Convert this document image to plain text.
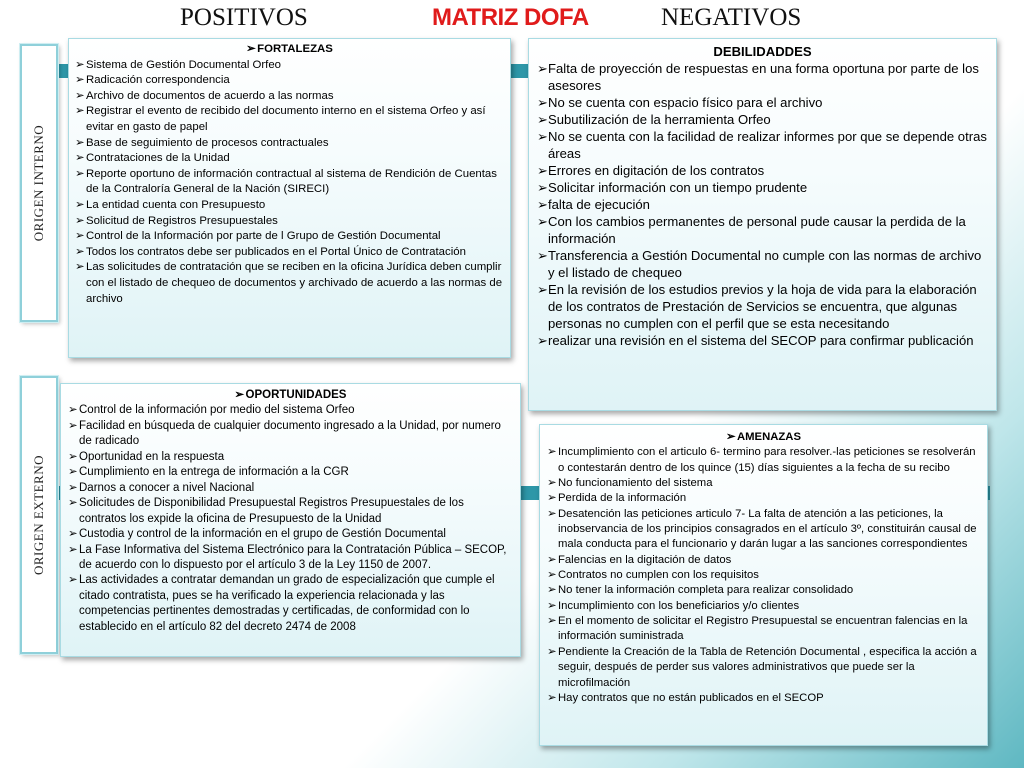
POSITIVOS	MATRIZ DOFA	NEGATIVOS
ORIGEN INTERNO
ORIGEN EXTERNO
➢ FORTALEZAS
➢ Sistema de Gestión Documental Orfeo
➢ Radicación correspondencia
➢ Archivo de documentos de acuerdo a las normas
➢ Registrar el evento de recibido del documento interno en el sistema Orfeo y así evitar en gasto de papel
➢ Base de seguimiento de procesos contractuales
➢ Contrataciones de la Unidad
➢ Reporte oportuno de información contractual al sistema de Rendición de Cuentas de la Contraloría General de la Nación (SIRECI)
➢ La entidad cuenta con Presupuesto
➢ Solicitud de Registros Presupuestales
➢ Control de la Información por parte de l Grupo de Gestión Documental
➢ Todos los contratos debe ser publicados en el Portal Único de Contratación
➢ Las solicitudes de contratación que se reciben en la oficina Jurídica deben cumplir con el listado de chequeo de documentos y archivado de acuerdo a las normas de archivo
DEBILIDADDES
➢ Falta de proyección de respuestas en una forma oportuna por parte de los asesores
➢ No se cuenta con espacio físico para el archivo
➢ Subutilización de la herramienta Orfeo
➢ No se cuenta con la facilidad de realizar informes por que se depende otras áreas
➢ Errores en digitación de los contratos
➢ Solicitar información con un tiempo prudente
➢ falta de ejecución
➢ Con los cambios permanentes de personal pude causar la perdida de la información
➢ Transferencia a Gestión Documental no cumple con las normas de archivo y el listado de chequeo
➢ En la revisión de los estudios previos y la hoja de vida para la elaboración de los contratos de Prestación de Servicios se encuentra, que algunas personas no cumplen con el perfil que se esta necesitando
➢ realizar una revisión en el sistema del SECOP para confirmar publicación
➢ OPORTUNIDADES
➢ Control de la información por medio del sistema Orfeo
➢ Facilidad en búsqueda de cualquier documento ingresado a la Unidad, por numero de radicado
➢ Oportunidad en la respuesta
➢ Cumplimiento en la entrega de información a la CGR
➢ Darnos a conocer a nivel Nacional
➢ Solicitudes de Disponibilidad Presupuestal Registros Presupuestales de los contratos los expide la oficina de Presupuesto de la Unidad
➢ Custodia y control de la información en el grupo de Gestión Documental
➢ La Fase Informativa del Sistema Electrónico para la Contratación Pública – SECOP, de acuerdo con lo dispuesto por el artículo 3 de la Ley 1150 de 2007.
➢ Las actividades a contratar demandan un grado de especialización que cumple el citado contratista, pues se ha verificado la experiencia relacionada y las competencias pertinentes demostradas y certificadas, de conformidad con lo establecido en el artículo 82 del decreto 2474 de 2008
➢ AMENAZAS
➢ Incumplimiento con el articulo 6- termino para resolver.-las peticiones se resolverán o contestarán dentro de los quince (15) días siguientes a la fecha de su recibo
➢ No funcionamiento del sistema
➢ Perdida de la información
➢ Desatención las peticiones articulo 7- La falta de atención a las peticiones, la inobservancia de los principios consagrados en el artículo 3º, constituirán causal de mala conducta para el funcionario y darán lugar a las sanciones correspondientes
➢ Falencias en la digitación de datos
➢ Contratos no cumplen con los requisitos
➢ No tener la información completa para realizar consolidado
➢ Incumplimiento con los beneficiarios y/o clientes
➢ En el momento de solicitar el Registro Presupuestal se encuentran falencias en la información suministrada
➢ Pendiente la Creación de la Tabla de Retención Documental , especifica la acción a seguir, después de perder sus valores administrativos que puede ser la microfilmación
➢ Hay contratos que no están publicados en el SECOP
